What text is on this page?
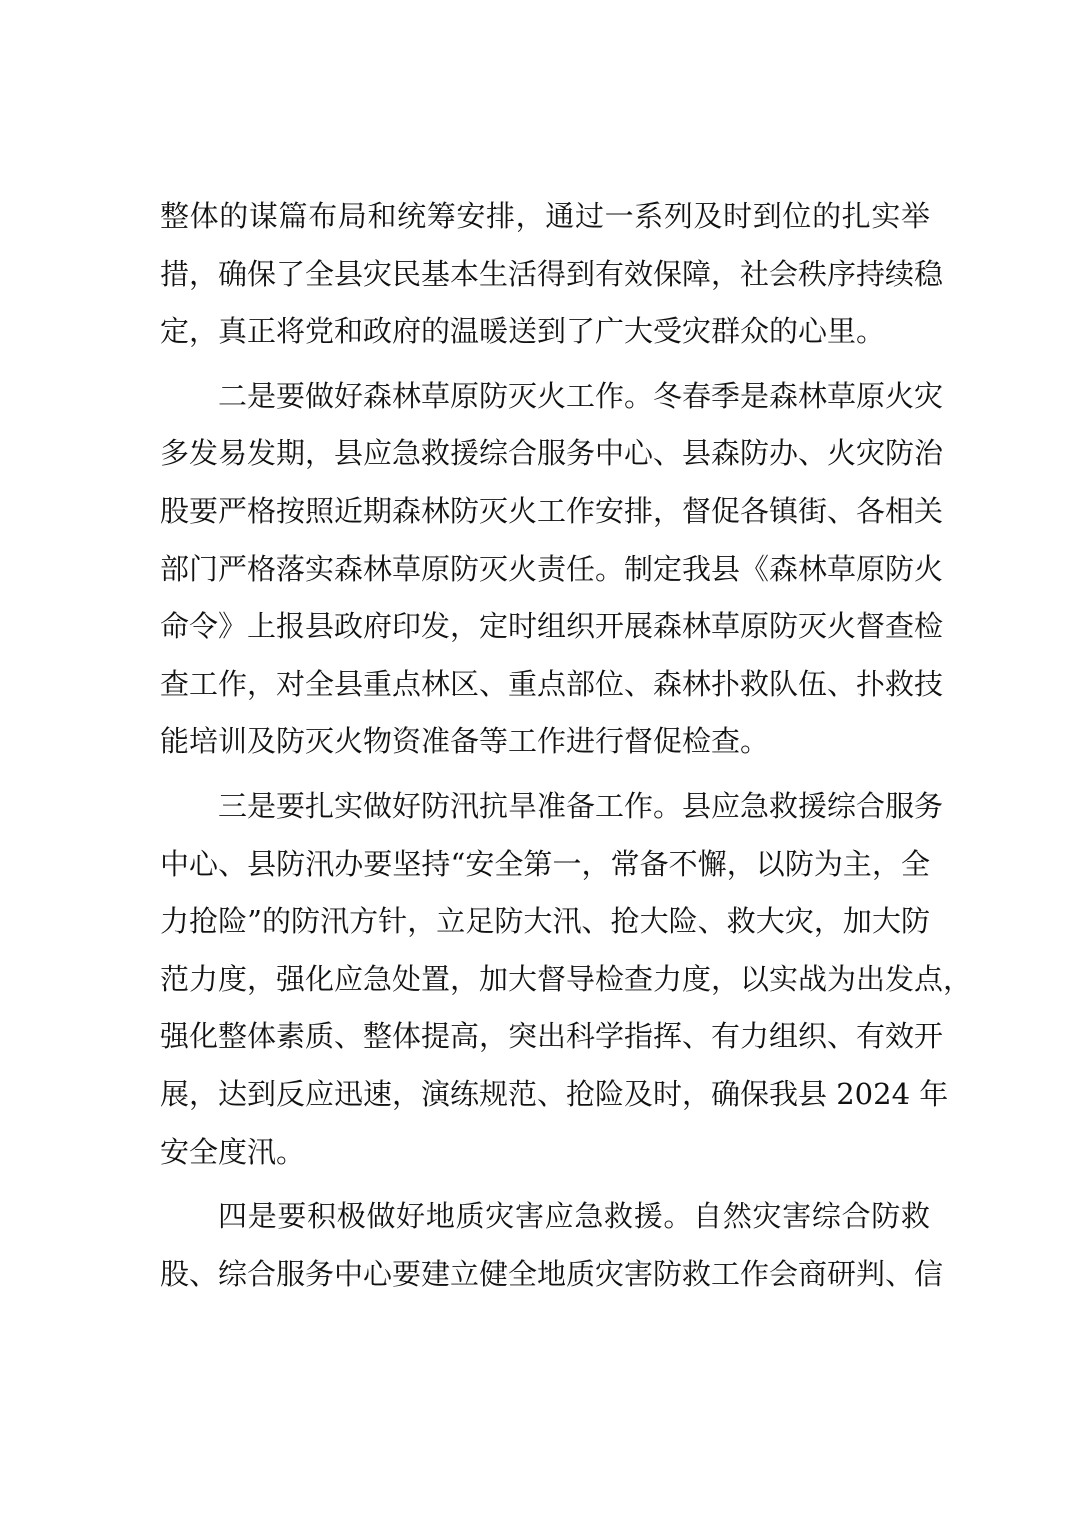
整体的谋篇布局和统筹安排，通过一系列及时到位的扎实举
措，确保了全县灾民基本生活得到有效保障，社会秩序持续稳
定，真正将党和政府的温暖送到了广大受灾群众的心里。
二是要做好森林草原防灭火工作。冬春季是森林草原火灾
多发易发期，县应急救援综合服务中心、县森防办、火灾防治
股要严格按照近期森林防灭火工作安排，督促各镇街、各相关
部门严格落实森林草原防灭火责任。制定我县《森林草原防火
命令》上报县政府印发，定时组织开展森林草原防灭火督查检
查工作，对全县重点林区、重点部位、森林扑救队伍、扑救技
能培训及防灭火物资准备等工作进行督促检查。
三是要扎实做好防汛抗旱准备工作。县应急救援综合服务
中心、县防汛办要坚持“安全第一，常备不懈，以防为主，全
力抢险”的防汛方针，立足防大汛、抢大险、救大灾，加大防
范力度，强化应急处置，加大督导检查力度，以实战为出发点，
强化整体素质、整体提高，突出科学指挥、有力组织、有效开
展，达到反应迅速，演练规范、抢险及时，确保我县 2024 年
安全度汛。
四是要积极做好地质灾害应急救援。自然灾害综合防救
股、综合服务中心要建立健全地质灾害防救工作会商研判、信
